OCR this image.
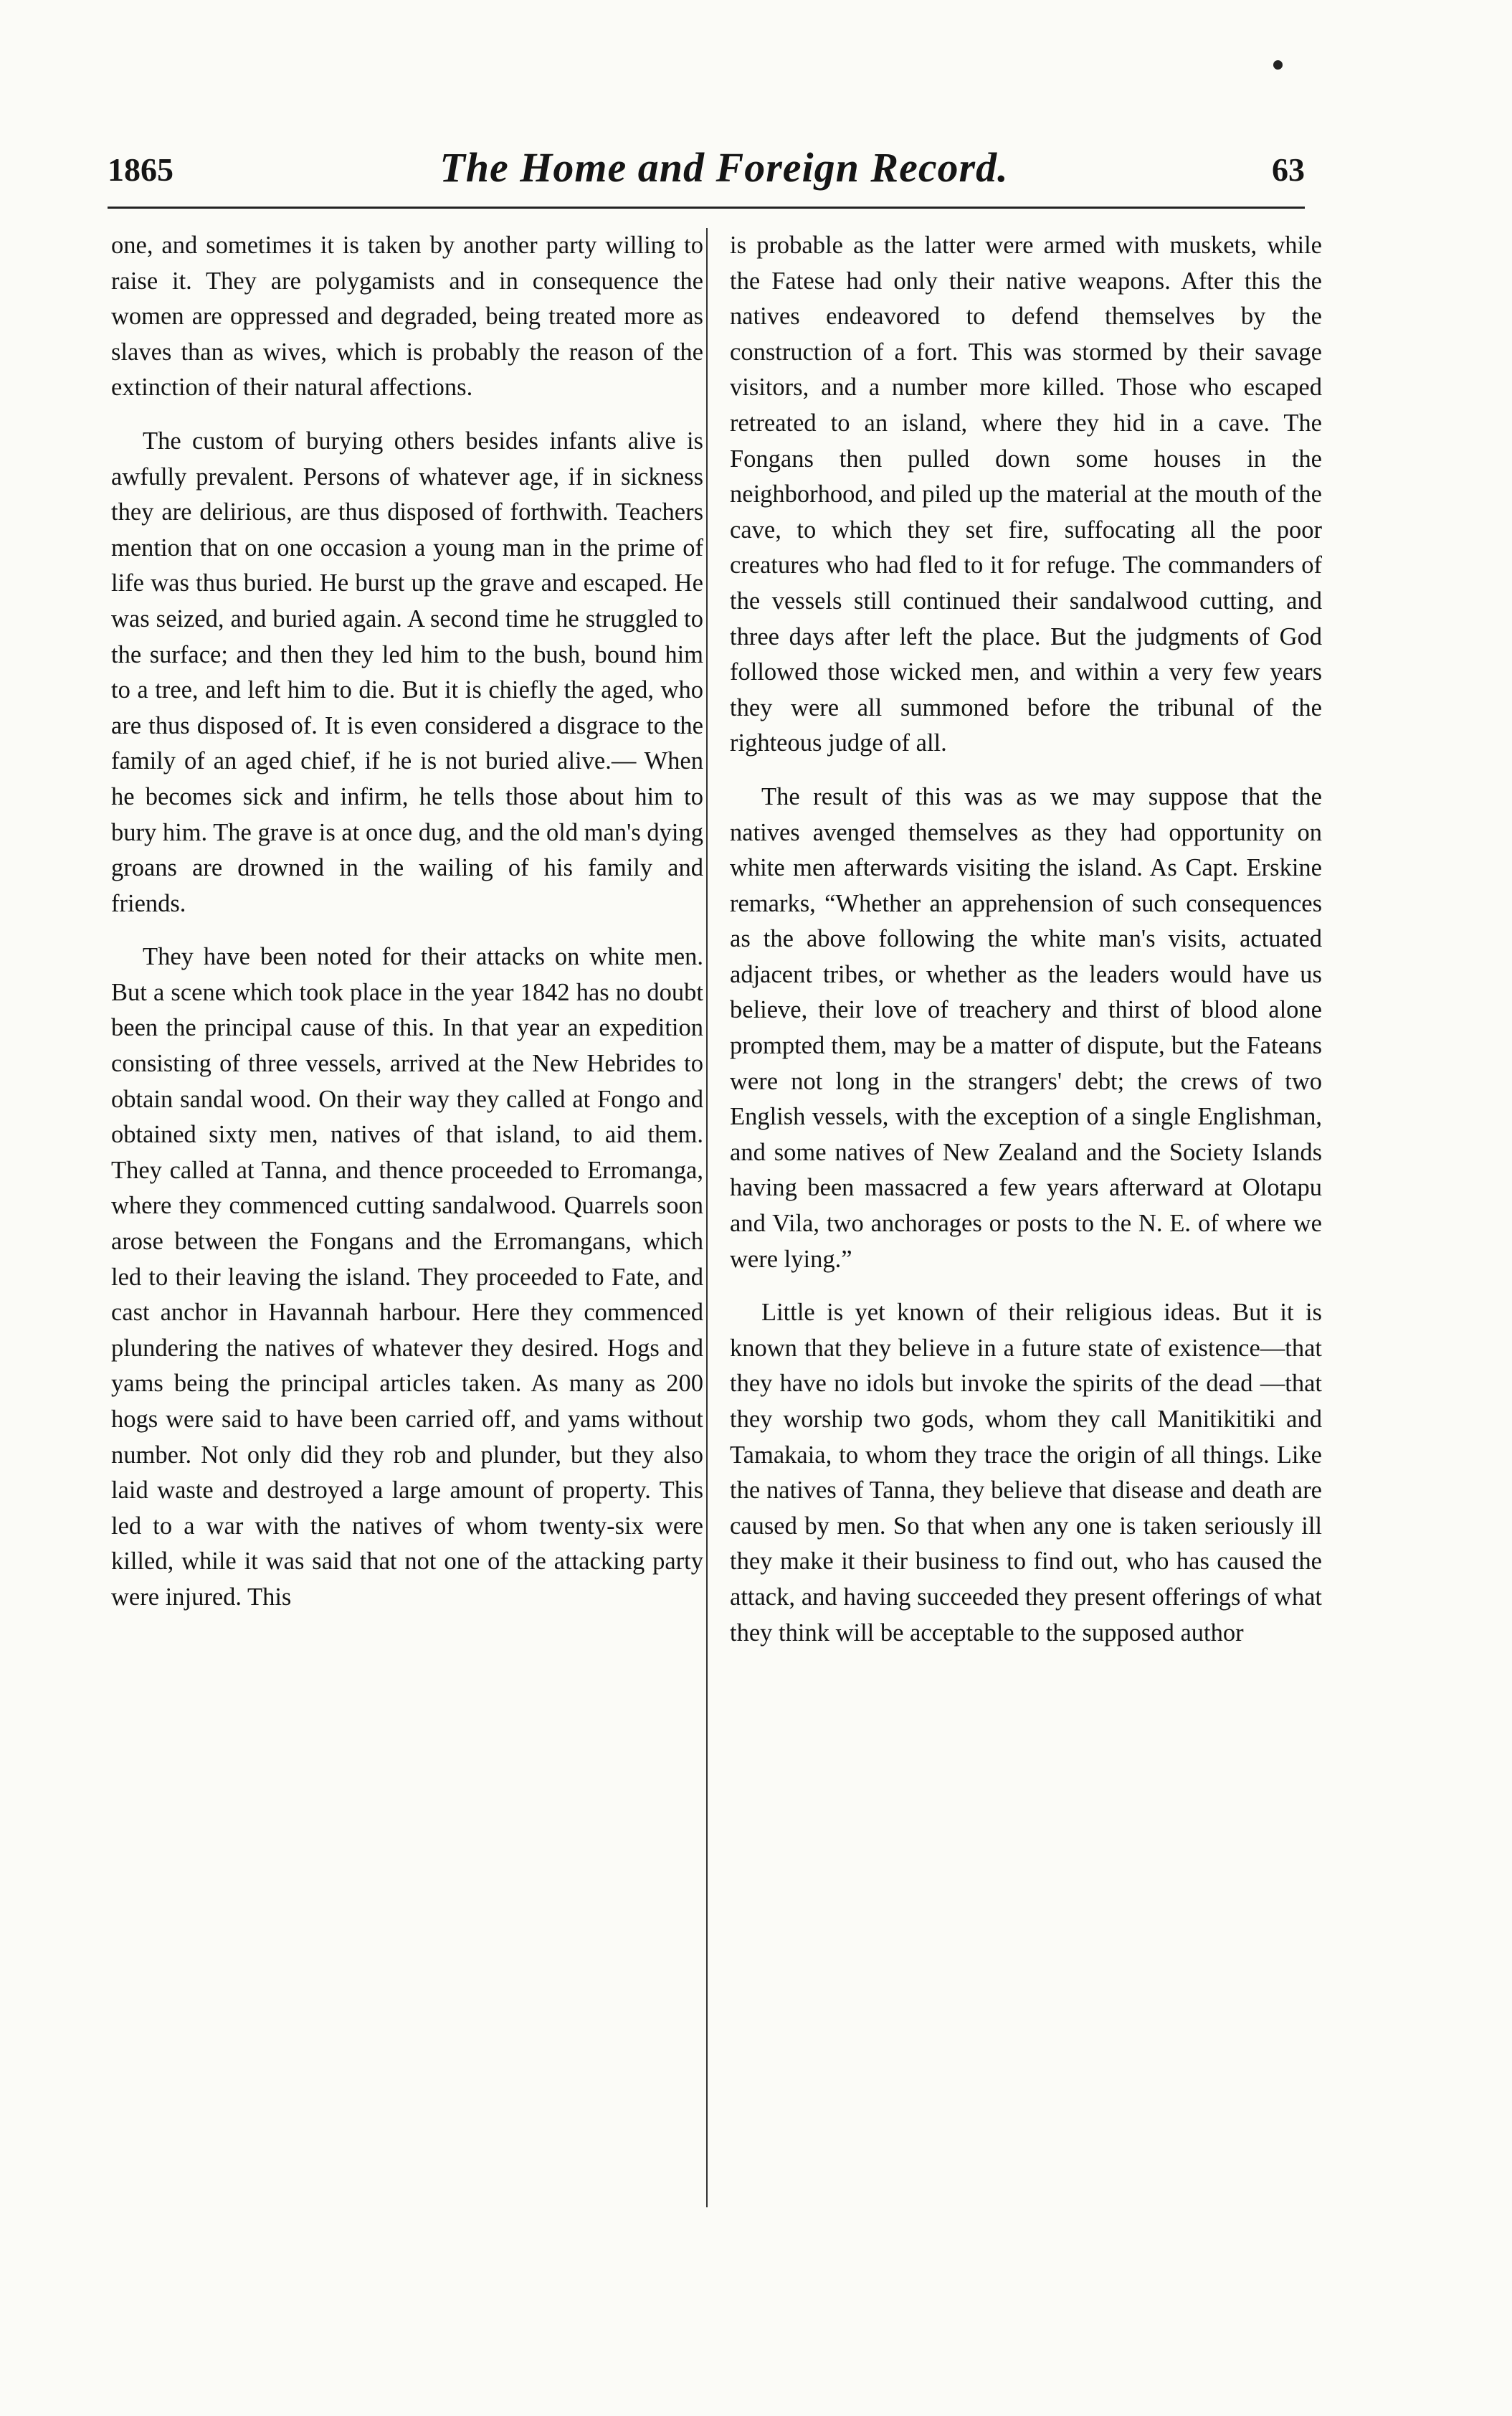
1865	The Home and Foreign Record.	63

one, and sometimes it is taken by another party willing to raise it. They are polygamists and in consequence the women are oppressed and degraded, being treated more as slaves than as wives, which is probably the reason of the extinction of their natural affections.

The custom of burying others besides infants alive is awfully prevalent. Persons of whatever age, if in sickness they are delirious, are thus disposed of forthwith. Teachers mention that on one occasion a young man in the prime of life was thus buried. He burst up the grave and escaped. He was seized, and buried again. A second time he struggled to the surface; and then they led him to the bush, bound him to a tree, and left him to die. But it is chiefly the aged, who are thus disposed of. It is even considered a disgrace to the family of an aged chief, if he is not buried alive.— When he becomes sick and infirm, he tells those about him to bury him. The grave is at once dug, and the old man's dying groans are drowned in the wailing of his family and friends.

They have been noted for their attacks on white men. But a scene which took place in the year 1842 has no doubt been the principal cause of this. In that year an expedition consisting of three vessels, arrived at the New Hebrides to obtain sandal wood. On their way they called at Fongo and obtained sixty men, natives of that island, to aid them. They called at Tanna, and thence proceeded to Erromanga, where they commenced cutting sandalwood. Quarrels soon arose between the Fongans and the Erromangans, which led to their leaving the island. They proceeded to Fate, and cast anchor in Havannah harbour. Here they commenced plundering the natives of whatever they desired. Hogs and yams being the principal articles taken. As many as 200 hogs were said to have been carried off, and yams without number. Not only did they rob and plunder, but they also laid waste and destroyed a large amount of property. This led to a war with the natives of whom twenty-six were killed, while it was said that not one of the attacking party were injured. This

is probable as the latter were armed with muskets, while the Fatese had only their native weapons. After this the natives endeavored to defend themselves by the construction of a fort. This was stormed by their savage visitors, and a number more killed. Those who escaped retreated to an island, where they hid in a cave. The Fongans then pulled down some houses in the neighborhood, and piled up the material at the mouth of the cave, to which they set fire, suffocating all the poor creatures who had fled to it for refuge. The commanders of the vessels still continued their sandalwood cutting, and three days after left the place. But the judgments of God followed those wicked men, and within a very few years they were all summoned before the tribunal of the righteous judge of all.

The result of this was as we may suppose that the natives avenged themselves as they had opportunity on white men afterwards visiting the island. As Capt. Erskine remarks, “Whether an apprehension of such consequences as the above following the white man's visits, actuated adjacent tribes, or whether as the leaders would have us believe, their love of treachery and thirst of blood alone prompted them, may be a matter of dispute, but the Fateans were not long in the strangers' debt; the crews of two English vessels, with the exception of a single Englishman, and some natives of New Zealand and the Society Islands having been massacred a few years afterward at Olotapu and Vila, two anchorages or posts to the N. E. of where we were lying.”

Little is yet known of their religious ideas. But it is known that they believe in a future state of existence—that they have no idols but invoke the spirits of the dead —that they worship two gods, whom they call Manitikitiki and Tamakaia, to whom they trace the origin of all things. Like the natives of Tanna, they believe that disease and death are caused by men. So that when any one is taken seriously ill they make it their business to find out, who has caused the attack, and having succeeded they present offerings of what they think will be acceptable to the supposed author
